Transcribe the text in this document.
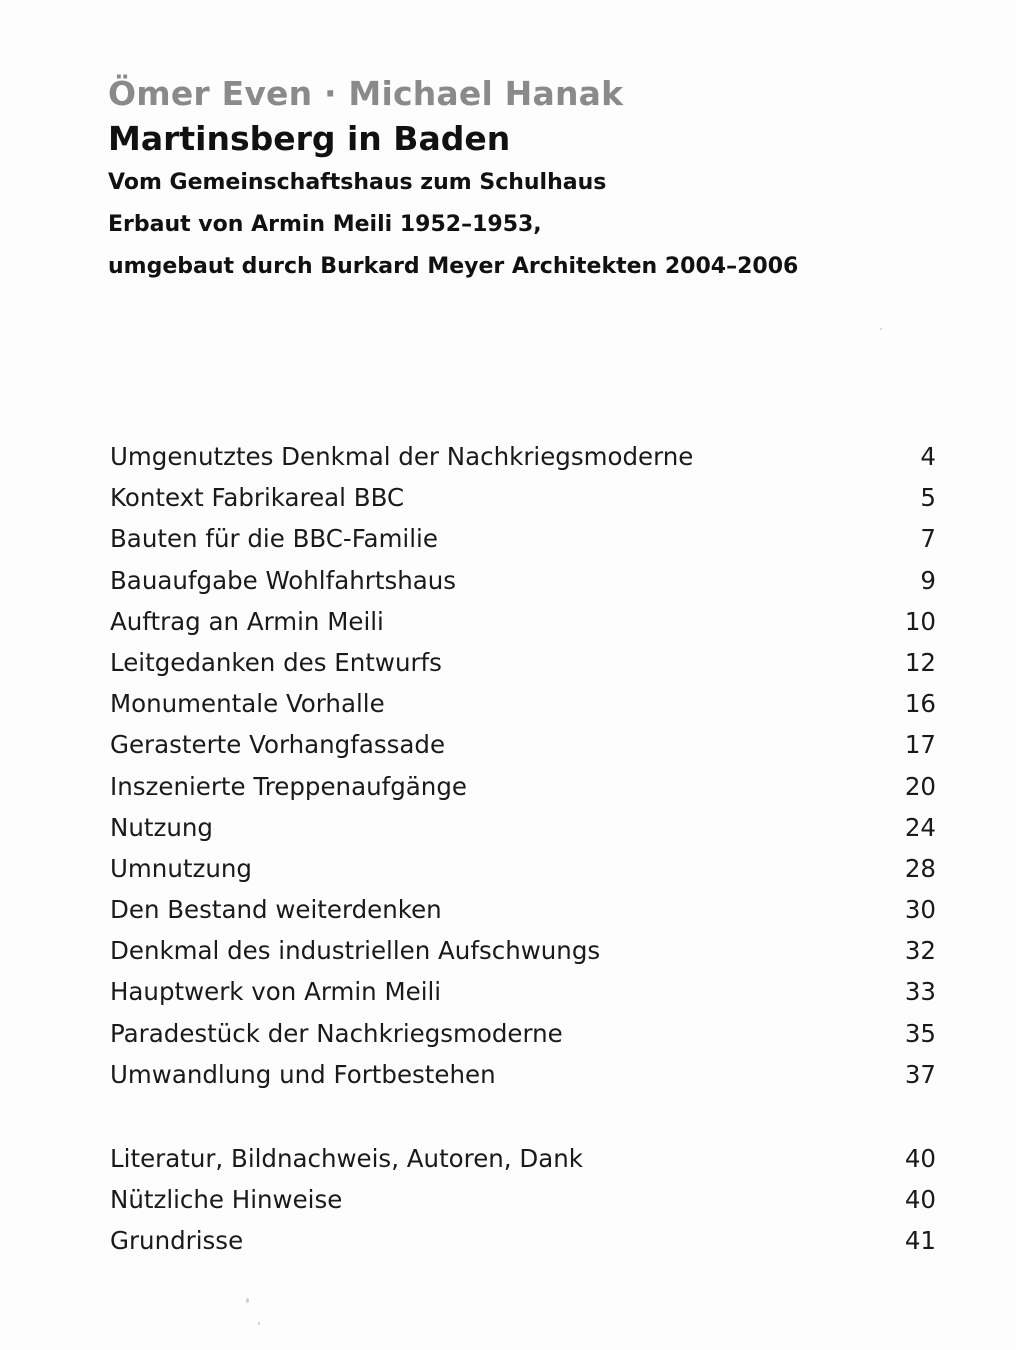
Ömer Even · Michael Hanak
Martinsberg in Baden
Vom Gemeinschaftshaus zum Schulhaus
Erbaut von Armin Meili 1952–1953,
umgebaut durch Burkard Meyer Architekten 2004–2006
Umgenutztes Denkmal der Nachkriegsmoderne	4
Kontext Fabrikareal BBC	5
Bauten für die BBC-Familie	7
Bauaufgabe Wohlfahrtshaus	9
Auftrag an Armin Meili	10
Leitgedanken des Entwurfs	12
Monumentale Vorhalle	16
Gerasterte Vorhangfassade	17
Inszenierte Treppenaufgänge	20
Nutzung	24
Umnutzung	28
Den Bestand weiterdenken	30
Denkmal des industriellen Aufschwungs	32
Hauptwerk von Armin Meili	33
Paradestück der Nachkriegsmoderne	35
Umwandlung und Fortbestehen	37
Literatur, Bildnachweis, Autoren, Dank	40
Nützliche Hinweise	40
Grundrisse	41
